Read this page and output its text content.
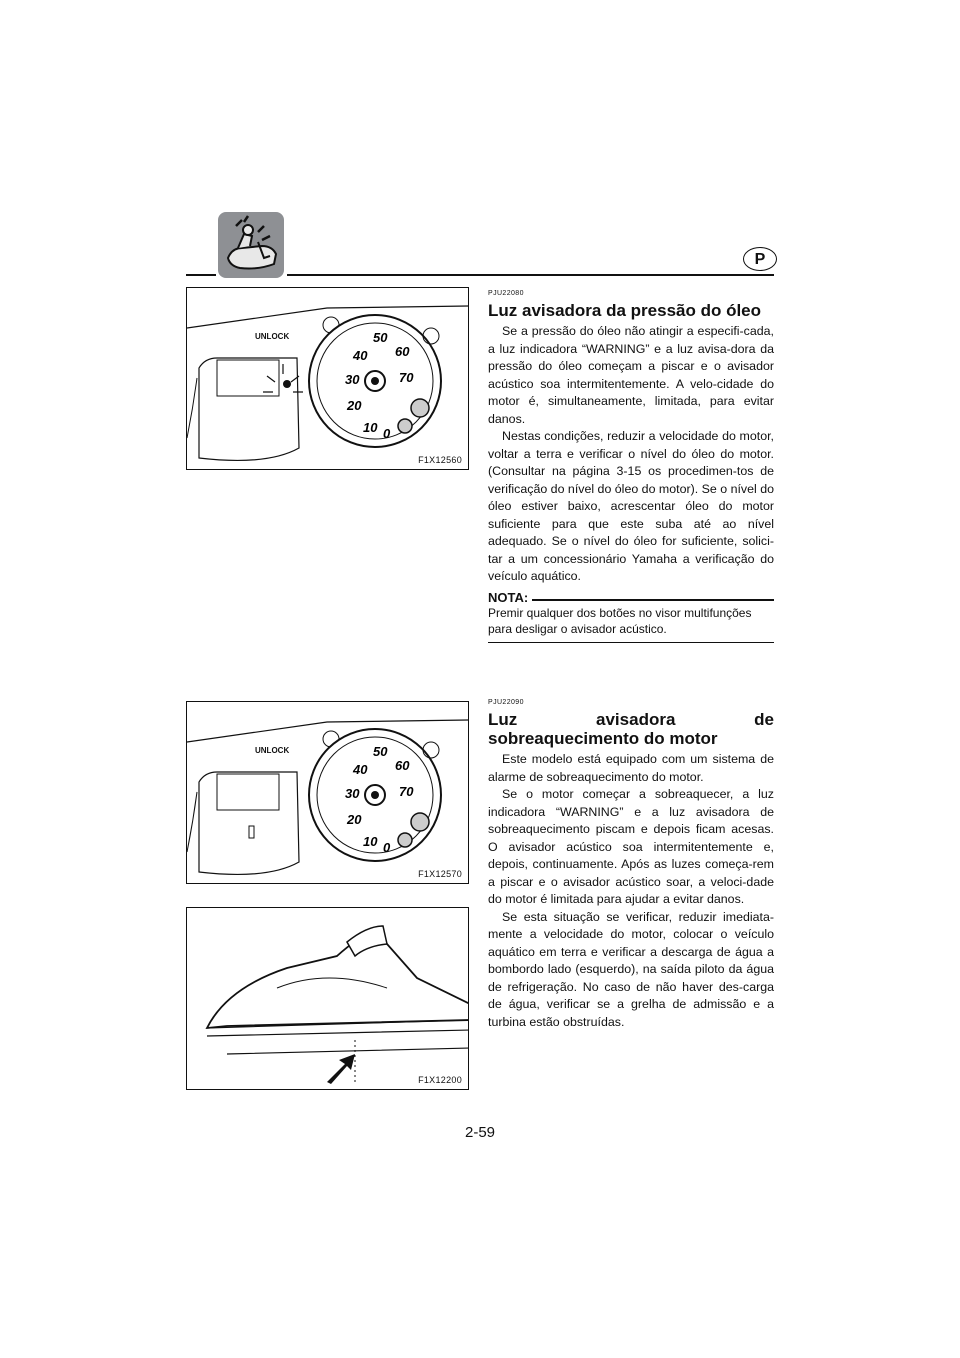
P
50
60
70
40
30
20
10 0
UNLOCK
F1X12560
PJU22080
Luz avisadora da pressão do óleo

Se a pressão do óleo não atingir a especifi-cada, a luz indicadora “WARNING” e a luz avisa-dora da pressão do óleo começam a piscar e o avisador acústico soa intermitentemente. A velo-cidade do motor é, simultaneamente, limitada, para evitar danos.

Nestas condições, reduzir a velocidade do motor, voltar a terra e verificar o nível do óleo do motor. (Consultar na página 3-15 os procedimen-tos de verificação do nível do óleo do motor). Se o nível do óleo estiver baixo, acrescentar óleo do motor suficiente para que este suba até ao nível adequado. Se o nível do óleo for suficiente, solici-tar a um concessionário Yamaha a verificação do veículo aquático.

NOTA:
Premir qualquer dos botões no visor multifunções para desligar o avisador acústico.
50
60
70
40
30
20
10 0
UNLOCK
F1X12570
F1X12200
PJU22090
Luz avisadora de sobreaquecimento do motor

Este modelo está equipado com um sistema de alarme de sobreaquecimento do motor.

Se o motor começar a sobreaquecer, a luz indicadora “WARNING” e a luz avisadora de sobreaquecimento piscam e depois ficam acesas. O avisador acústico soa intermitentemente e, depois, continuamente. Após as luzes começa-rem a piscar e o avisador acústico soar, a veloci-dade do motor é limitada para ajudar a evitar danos.

Se esta situação se verificar, reduzir imediata-mente a velocidade do motor, colocar o veículo aquático em terra e verificar a descarga de água a bombordo lado (esquerdo), na saída piloto da água de refrigeração. No caso de não haver des-carga de água, verificar se a grelha de admissão e a turbina estão obstruídas.

2-59
